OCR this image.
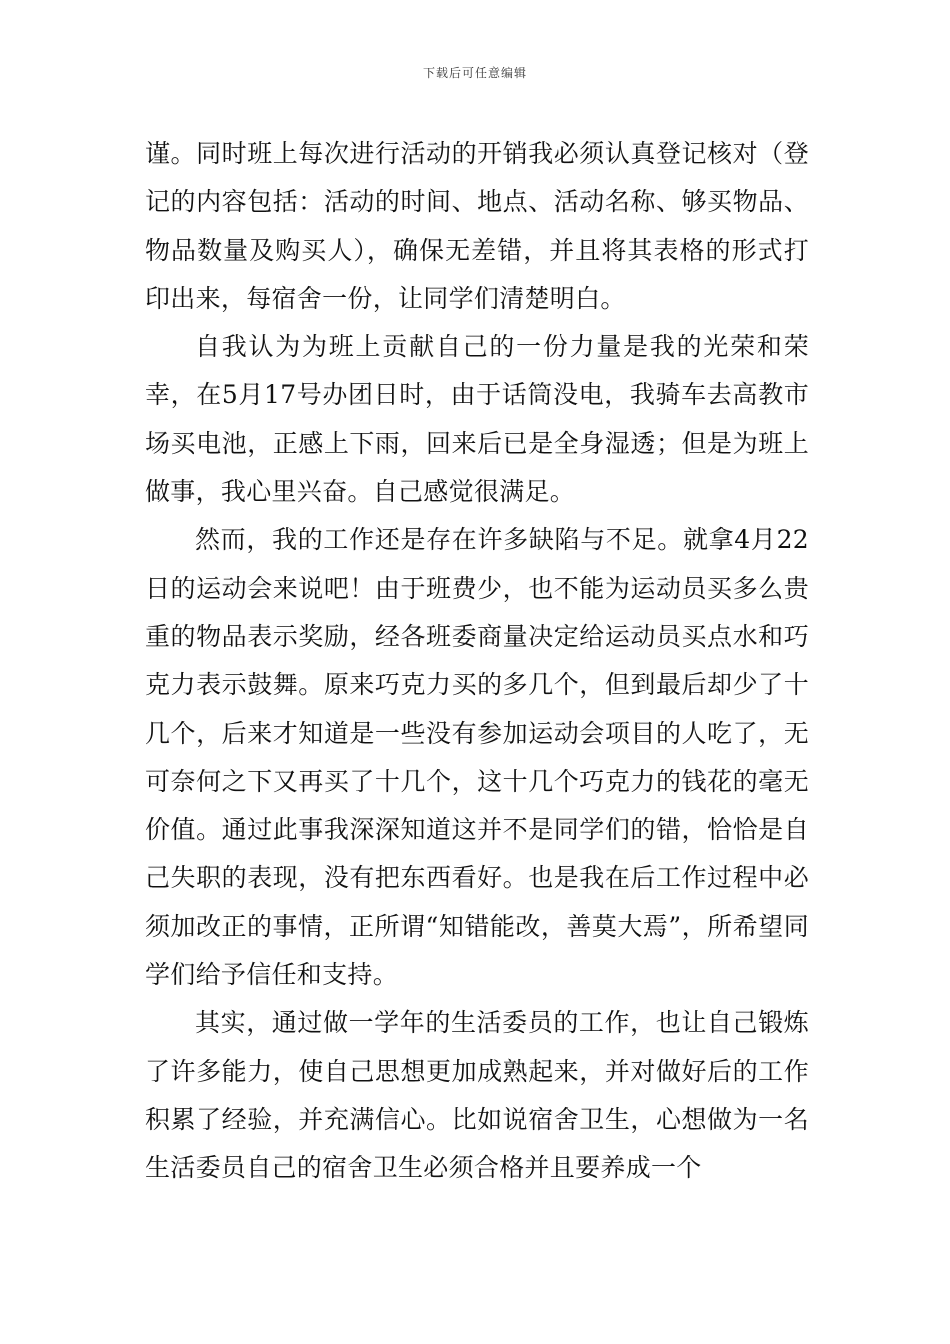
下载后可任意编辑

谨。同时班上每次进行活动的开销我必须认真登记核对（登记的内容包括：活动的时间、地点、活动名称、够买物品、物品数量及购买人），确保无差错，并且将其表格的形式打印出来，每宿舍一份，让同学们清楚明白。

自我认为为班上贡献自己的一份力量是我的光荣和荣幸，在5月17号办团日时，由于话筒没电，我骑车去高教市场买电池，正感上下雨，回来后已是全身湿透；但是为班上做事，我心里兴奋。自己感觉很满足。

然而，我的工作还是存在许多缺陷与不足。就拿4月22日的运动会来说吧！由于班费少，也不能为运动员买多么贵重的物品表示奖励，经各班委商量决定给运动员买点水和巧克力表示鼓舞。原来巧克力买的多几个，但到最后却少了十几个，后来才知道是一些没有参加运动会项目的人吃了，无可奈何之下又再买了十几个，这十几个巧克力的钱花的毫无价值。通过此事我深深知道这并不是同学们的错，恰恰是自己失职的表现，没有把东西看好。也是我在后工作过程中必须加改正的事情，正所谓“知错能改，善莫大焉”，所希望同学们给予信任和支持。

其实，通过做一学年的生活委员的工作，也让自己锻炼了许多能力，使自己思想更加成熟起来，并对做好后的工作积累了经验，并充满信心。比如说宿舍卫生，心想做为一名生活委员自己的宿舍卫生必须合格并且要养成一个
